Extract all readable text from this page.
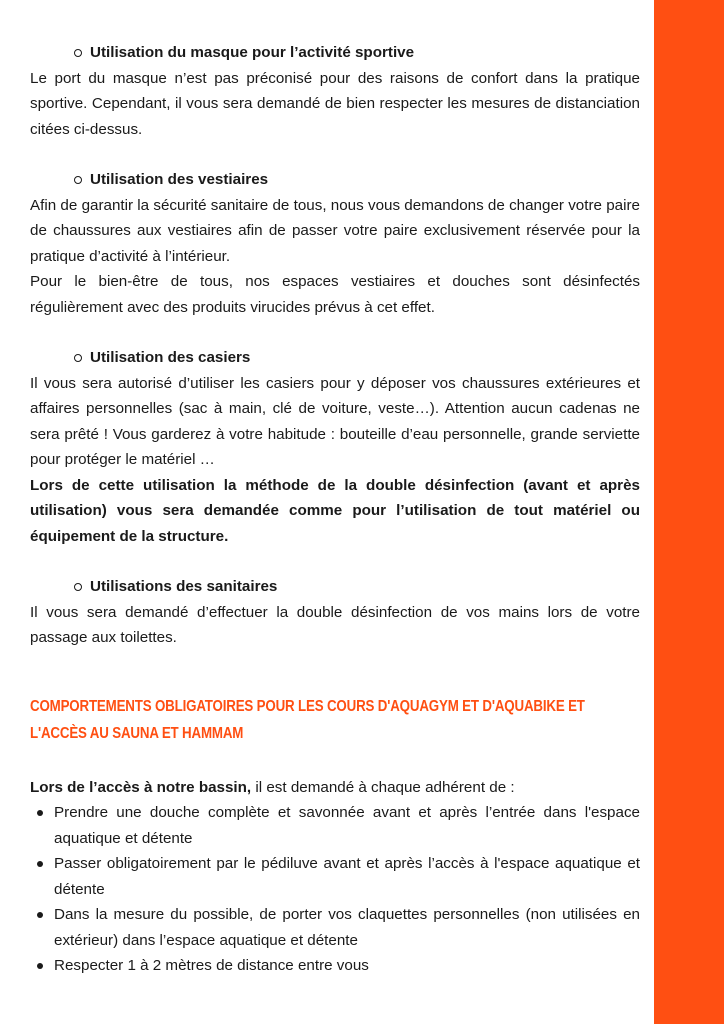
Utilisation du masque pour l’activité sportive

Le port du masque n’est pas préconisé pour des raisons de confort dans la pratique sportive. Cependant, il vous sera demandé de bien respecter les mesures de distanciation citées ci-dessus.

Utilisation des vestiaires

Afin de garantir la sécurité sanitaire de tous, nous vous demandons de changer votre paire de chaussures aux vestiaires afin de passer votre paire exclusivement réservée pour la pratique d’activité à l’intérieur.

Pour le bien-être de tous, nos espaces vestiaires et douches sont désinfectés régulièrement avec des produits virucides prévus à cet effet.

Utilisation des casiers

Il vous sera autorisé d’utiliser les casiers pour y déposer vos chaussures extérieures et affaires personnelles (sac à main, clé de voiture, veste…). Attention aucun cadenas ne sera prêté ! Vous garderez à votre habitude : bouteille d’eau personnelle, grande serviette pour protéger le matériel …

Lors de cette utilisation la méthode de la double désinfection (avant et après utilisation) vous sera demandée comme pour l’utilisation de tout matériel ou équipement de la structure.

Utilisations des sanitaires

Il vous sera demandé d’effectuer la double désinfection de vos mains lors de votre passage aux toilettes.

COMPORTEMENTS OBLIGATOIRES POUR LES COURS D'AQUAGYM ET D'AQUABIKE ET L'ACCÈS AU SAUNA ET HAMMAM

Lors de l’accès à notre bassin, il est demandé à chaque adhérent de :

Prendre une douche complète et savonnée avant et après l’entrée dans l'espace aquatique et détente
Passer obligatoirement par le pédiluve avant et après l’accès à l'espace aquatique et détente
Dans la mesure du possible, de porter vos claquettes personnelles (non utilisées en extérieur) dans l’espace aquatique et détente
Respecter 1 à 2 mètres de distance entre vous
